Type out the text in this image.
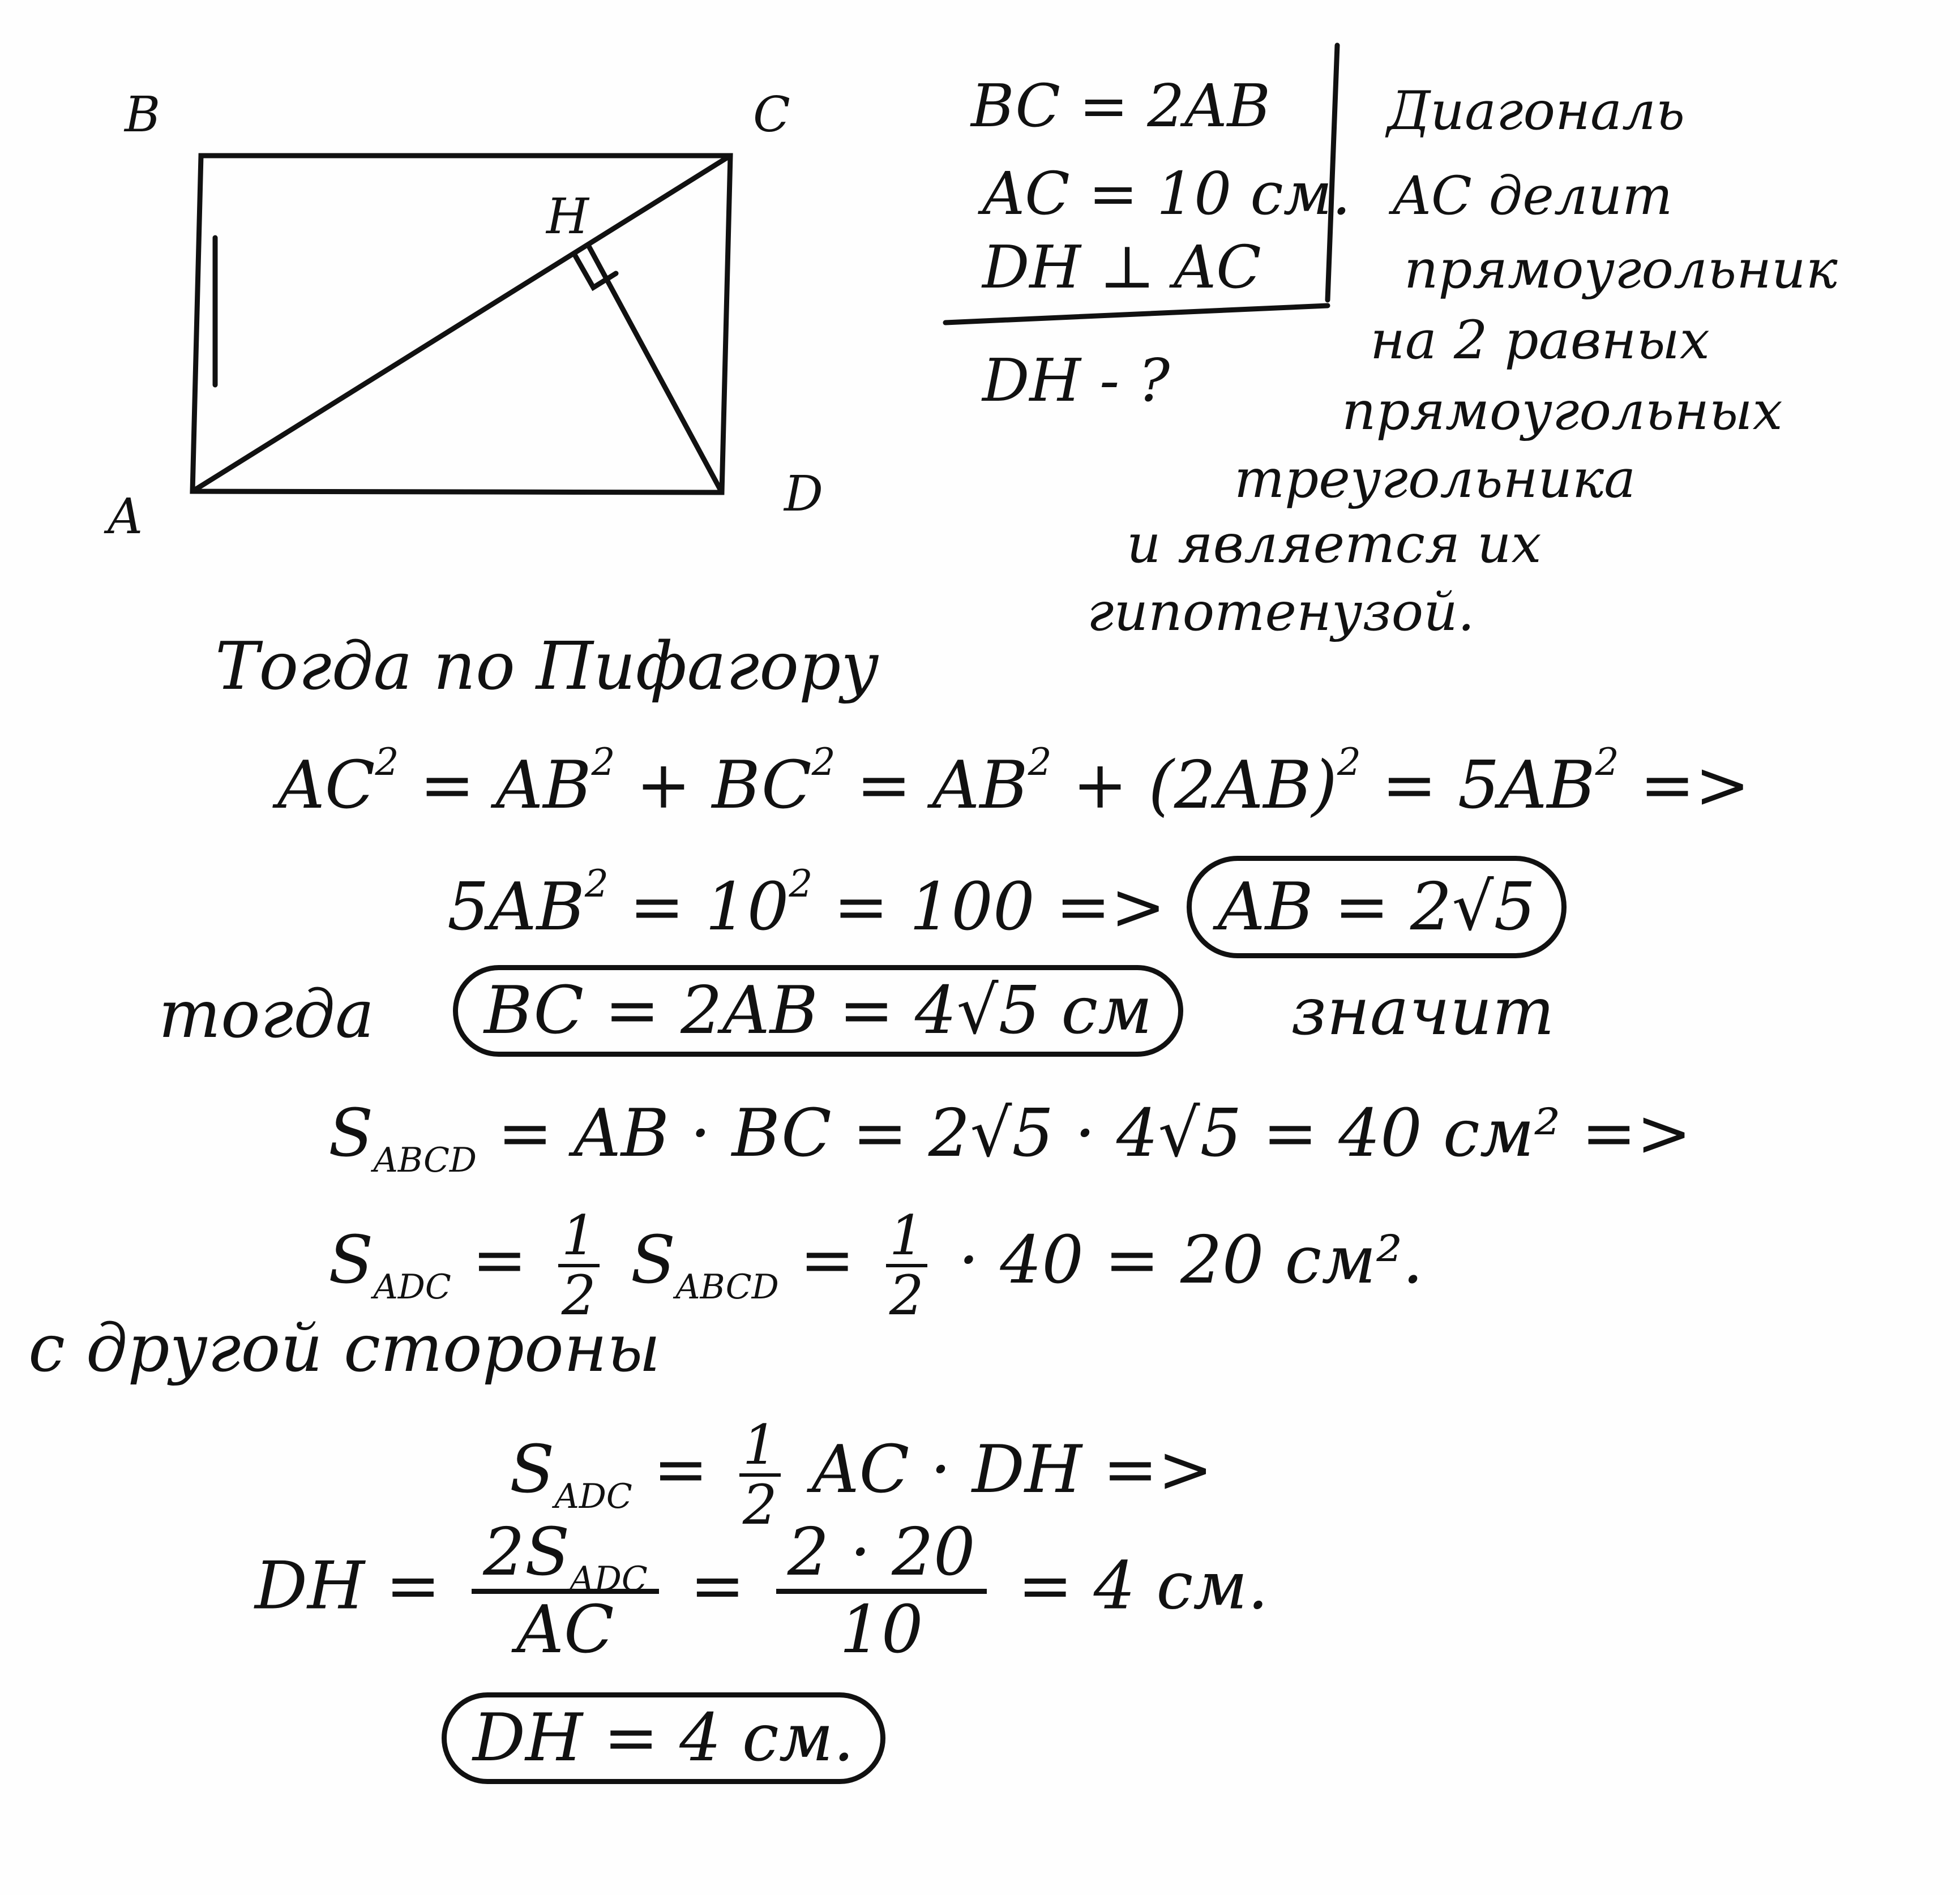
B	C
H
A	D
BC = 2AB
AC = 10 см.
DH ⊥ AC
DH - ?
Диагональ
AC делит
прямоугольник
на 2 равных
прямоугольных
треугольника
и является их
гипотенузой.
Тогда по Пифагору
$AC^2 = AB^2 + BC^2 = AB^2 + (2AB)^2 = 5AB^2$ =>
$5AB^2 = 10^2 = 100$ => AB = 2√5
тогда	BC = 2AB = 4√5 см	значит
$S_{ABCD}$ = AB · BC = 2√5 · 4√5 = 40 см² =>
$S_{ADC} = \frac{1}{2} S_{ABCD} = \frac{1}{2} \cdot 40 = 20$ см².
с другой стороны
$S_{ADC} = \frac{1}{2}$ AC · DH =>
DH = $\frac{2S_{ADC}}{AC} = \frac{2 \cdot 20}{10} = 4$ см.
DH = 4 см.
